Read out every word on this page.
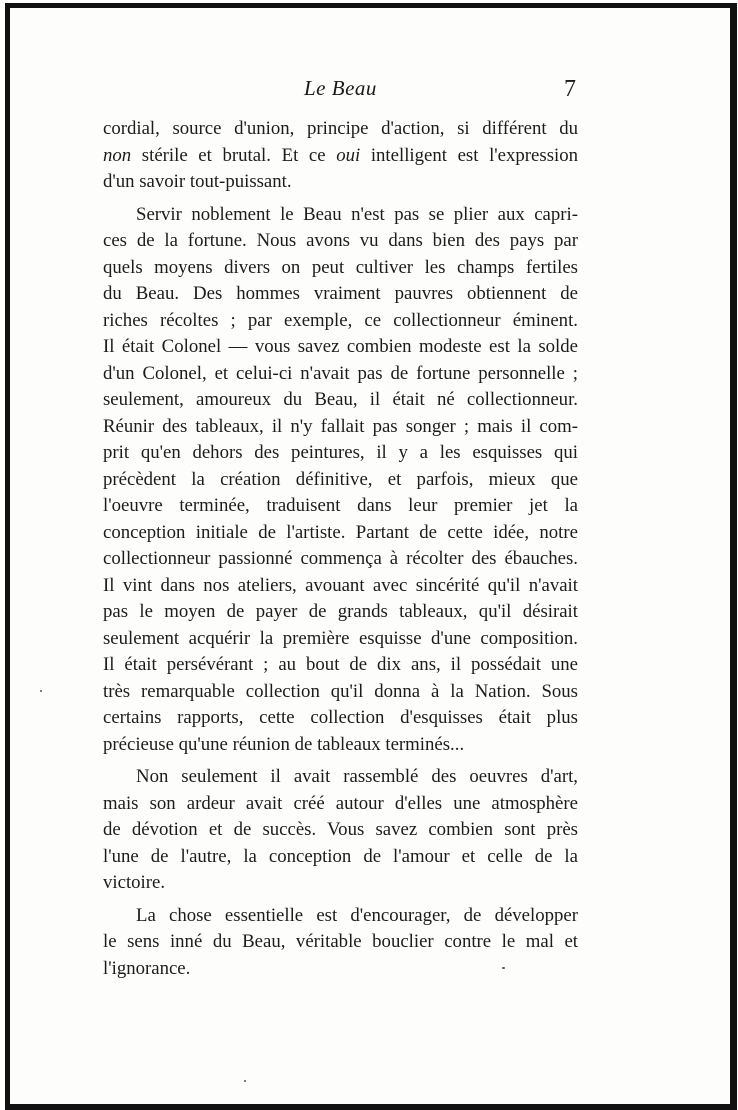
Le Beau	7
cordial, source d'union, principe d'action, si différent du
non stérile et brutal. Et ce oui intelligent est l'expression
d'un savoir tout-puissant.
Servir noblement le Beau n'est pas se plier aux capri-
ces de la fortune. Nous avons vu dans bien des pays par
quels moyens divers on peut cultiver les champs fertiles
du Beau. Des hommes vraiment pauvres obtiennent de
riches récoltes ; par exemple, ce collectionneur éminent.
Il était Colonel — vous savez combien modeste est la solde
d'un Colonel, et celui-ci n'avait pas de fortune personnelle ;
seulement, amoureux du Beau, il était né collectionneur.
Réunir des tableaux, il n'y fallait pas songer ; mais il com-
prit qu'en dehors des peintures, il y a les esquisses qui
précèdent la création définitive, et parfois, mieux que
l'oeuvre terminée, traduisent dans leur premier jet la
conception initiale de l'artiste. Partant de cette idée, notre
collectionneur passionné commença à récolter des ébauches.
Il vint dans nos ateliers, avouant avec sincérité qu'il n'avait
pas le moyen de payer de grands tableaux, qu'il désirait
seulement acquérir la première esquisse d'une composition.
Il était persévérant ; au bout de dix ans, il possédait une
très remarquable collection qu'il donna à la Nation. Sous
certains rapports, cette collection d'esquisses était plus
précieuse qu'une réunion de tableaux terminés...
Non seulement il avait rassemblé des oeuvres d'art,
mais son ardeur avait créé autour d'elles une atmosphère
de dévotion et de succès. Vous savez combien sont près
l'une de l'autre, la conception de l'amour et celle de la
victoire.
La chose essentielle est d'encourager, de développer
le sens inné du Beau, véritable bouclier contre le mal et
l'ignorance.
